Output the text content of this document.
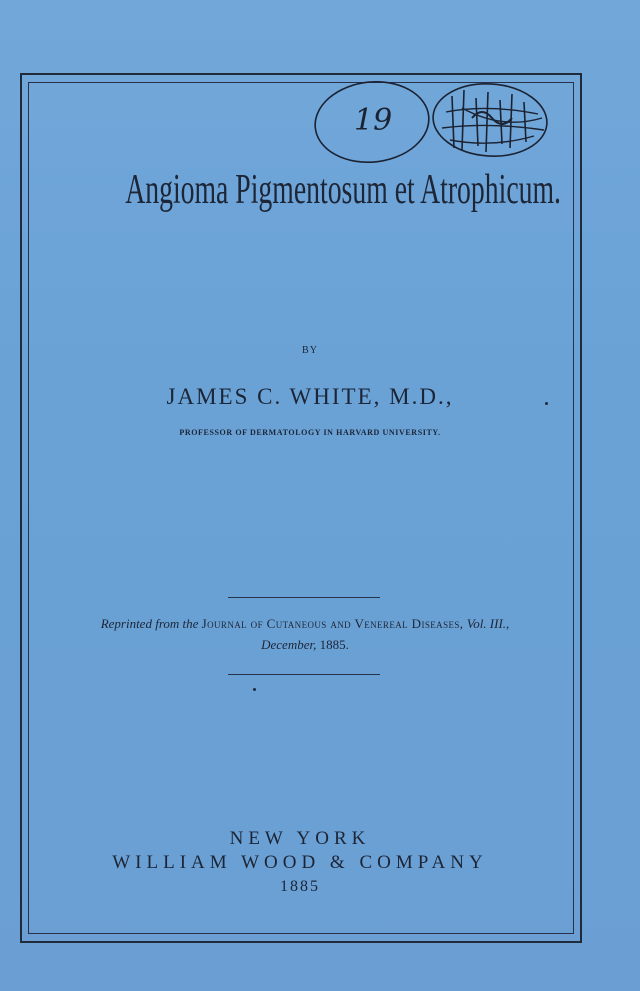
19
Angioma Pigmentosum et Atrophicum.
BY
JAMES C. WHITE, M.D.,
PROFESSOR OF DERMATOLOGY IN HARVARD UNIVERSITY.
Reprinted from the Journal of Cutaneous and Venereal Diseases, Vol. III.,
December, 1885.
NEW YORK
WILLIAM WOOD & COMPANY
1885
